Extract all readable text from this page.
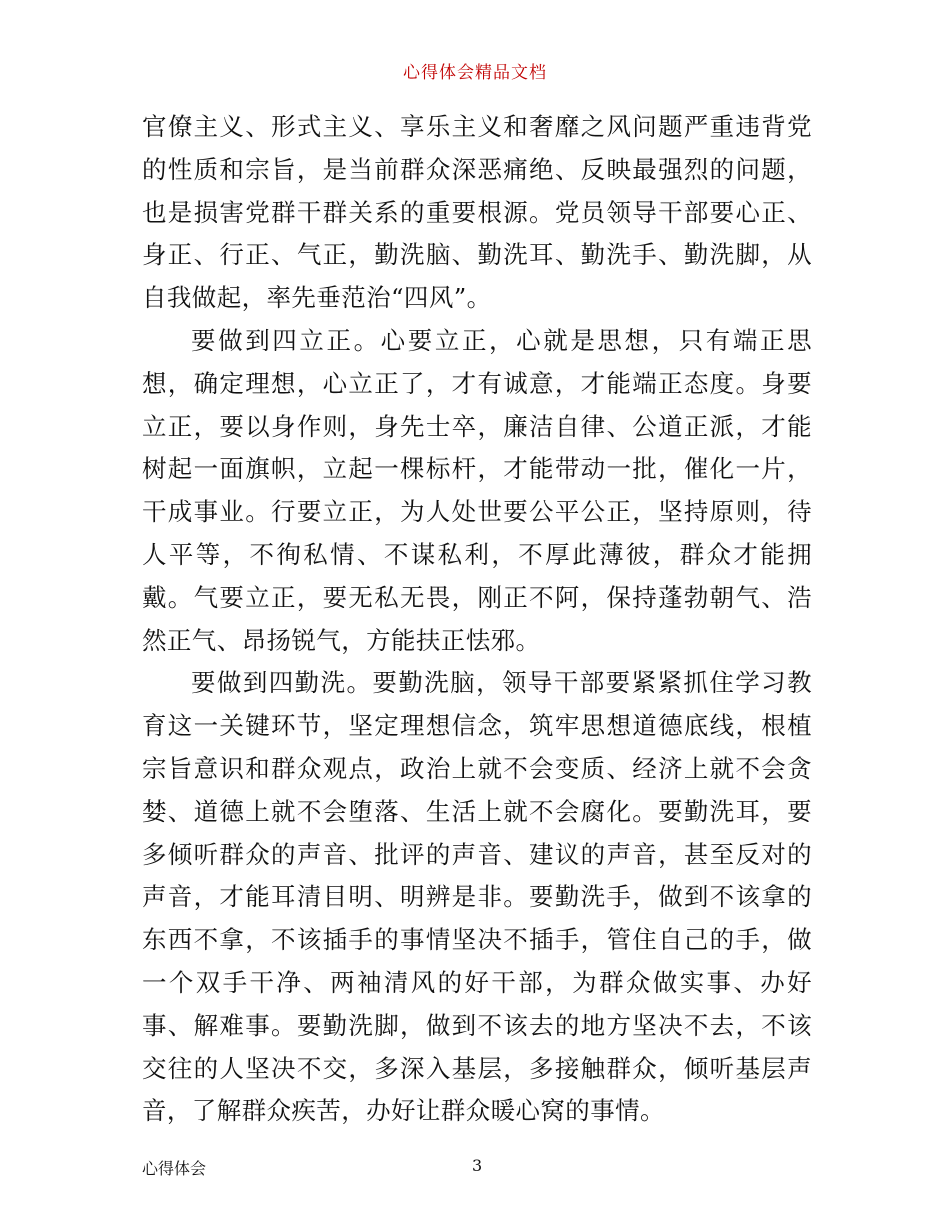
心得体会精品文档

官僚主义、形式主义、享乐主义和奢靡之风问题严重违背党的性质和宗旨，是当前群众深恶痛绝、反映最强烈的问题，也是损害党群干群关系的重要根源。党员领导干部要心正、身正、行正、气正，勤洗脑、勤洗耳、勤洗手、勤洗脚，从自我做起，率先垂范治“四风”。

要做到四立正。心要立正，心就是思想，只有端正思想，确定理想，心立正了，才有诚意，才能端正态度。身要立正，要以身作则，身先士卒，廉洁自律、公道正派，才能树起一面旗帜，立起一棵标杆，才能带动一批，催化一片，干成事业。行要立正，为人处世要公平公正，坚持原则，待人平等，不徇私情、不谋私利，不厚此薄彼，群众才能拥戴。气要立正，要无私无畏，刚正不阿，保持蓬勃朝气、浩然正气、昂扬锐气，方能扶正怯邪。

要做到四勤洗。要勤洗脑，领导干部要紧紧抓住学习教育这一关键环节，坚定理想信念，筑牢思想道德底线，根植宗旨意识和群众观点，政治上就不会变质、经济上就不会贪婪、道德上就不会堕落、生活上就不会腐化。要勤洗耳，要多倾听群众的声音、批评的声音、建议的声音，甚至反对的声音，才能耳清目明、明辨是非。要勤洗手，做到不该拿的东西不拿，不该插手的事情坚决不插手，管住自己的手，做一个双手干净、两袖清风的好干部，为群众做实事、办好事、解难事。要勤洗脚，做到不该去的地方坚决不去，不该交往的人坚决不交，多深入基层，多接触群众，倾听基层声音，了解群众疾苦，办好让群众暖心窝的事情。

心得体会	3
